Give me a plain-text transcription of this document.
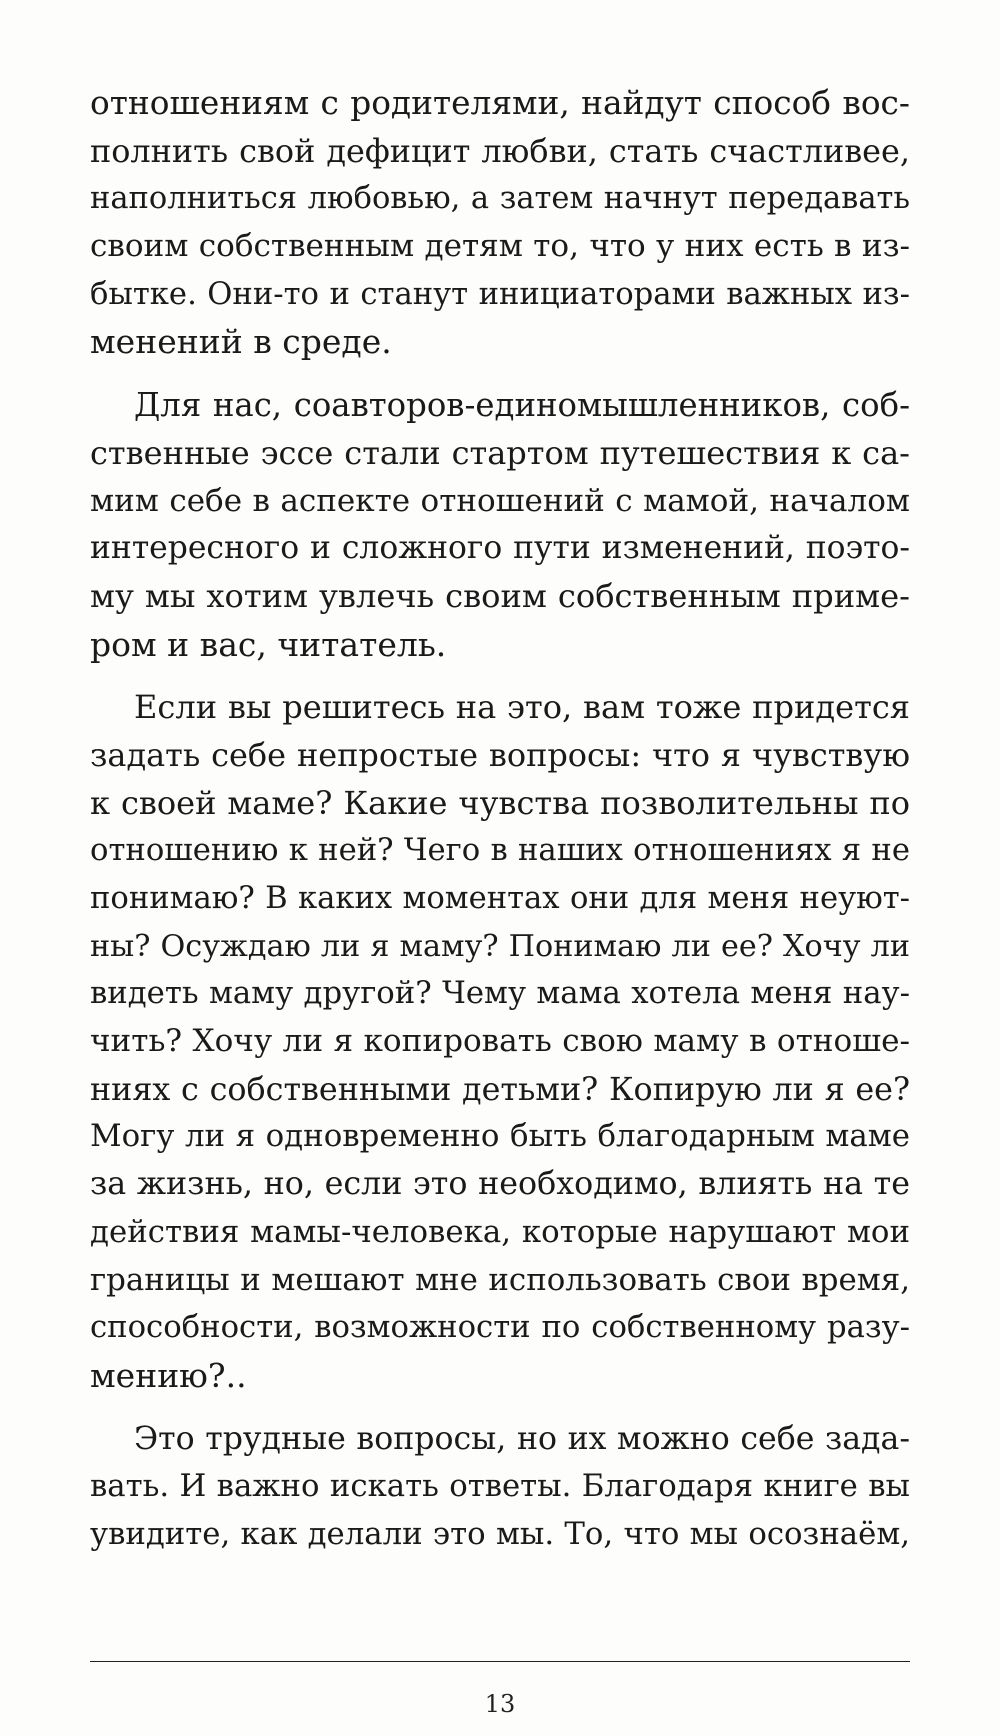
отношениям с родителями, найдут способ вос-
полнить свой дефицит любви, стать счастливее,
наполниться любовью, а затем начнут передавать
своим собственным детям то, что у них есть в из-
бытке. Они-то и станут инициаторами важных из-
менений в среде.
Для нас, соавторов-единомышленников, соб-
ственные эссе стали стартом путешествия к са-
мим себе в аспекте отношений с мамой, началом
интересного и сложного пути изменений, поэто-
му мы хотим увлечь своим собственным приме-
ром и вас, читатель.
Если вы решитесь на это, вам тоже придется
задать себе непростые вопросы: что я чувствую
к своей маме? Какие чувства позволительны по
отношению к ней? Чего в наших отношениях я не
понимаю? В каких моментах они для меня неуют-
ны? Осуждаю ли я маму? Понимаю ли ее? Хочу ли
видеть маму другой? Чему мама хотела меня нау-
чить? Хочу ли я копировать свою маму в отноше-
ниях с собственными детьми? Копирую ли я ее?
Могу ли я одновременно быть благодарным маме
за жизнь, но, если это необходимо, влиять на те
действия мамы-человека, которые нарушают мои
границы и мешают мне использовать свои время,
способности, возможности по собственному разу-
мению?..
Это трудные вопросы, но их можно себе зада-
вать. И важно искать ответы. Благодаря книге вы
увидите, как делали это мы. То, что мы осознаём,
13
